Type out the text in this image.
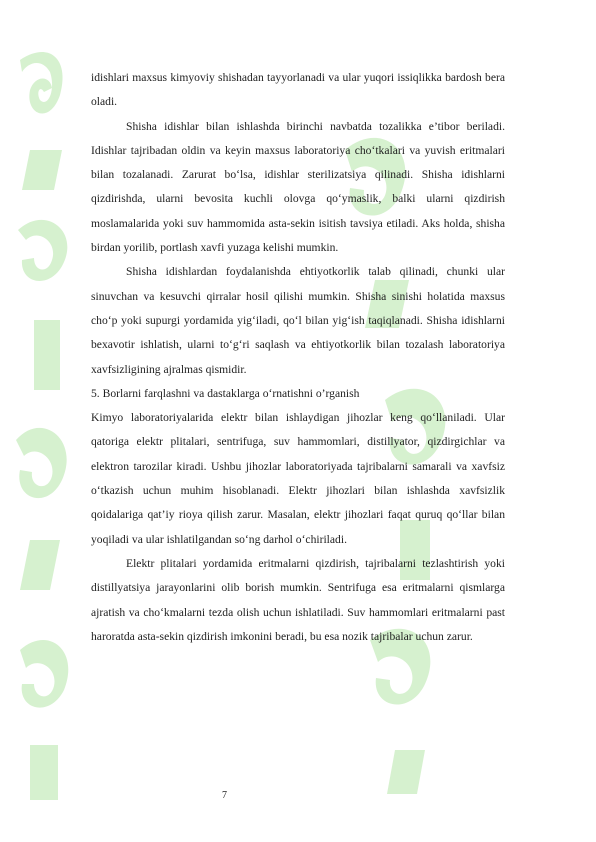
idishlari maxsus kimyoviy shishadan tayyorlanadi va ular yuqori issiqlikka bardosh bera oladi.

Shisha idishlar bilan ishlashda birinchi navbatda tozalikka e’tibor beriladi. Idishlar tajribadan oldin va keyin maxsus laboratoriya cho‘tkalari va yuvish eritmalari bilan tozalanadi. Zarurat bo‘lsa, idishlar sterilizatsiya qilinadi. Shisha idishlarni qizdirishda, ularni bevosita kuchli olovga qo‘ymaslik, balki ularni qizdirish moslamalarida yoki suv hammomida asta-sekin isitish tavsiya etiladi. Aks holda, shisha birdan yorilib, portlash xavfi yuzaga kelishi mumkin.

Shisha idishlardan foydalanishda ehtiyotkorlik talab qilinadi, chunki ular sinuvchan va kesuvchi qirralar hosil qilishi mumkin. Shisha sinishi holatida maxsus cho‘p yoki supurgi yordamida yig‘iladi, qo‘l bilan yig‘ish taqiqlanadi. Shisha idishlarni bexavotir ishlatish, ularni to‘g‘ri saqlash va ehtiyotkorlik bilan tozalash laboratoriya xavfsizligining ajralmas qismidir.

5. Borlarni farqlashni va dastaklarga o‘rnatishni o’rganish

Kimyo laboratoriyalarida elektr bilan ishlaydigan jihozlar keng qo‘llaniladi. Ular qatoriga elektr plitalari, sentrifuga, suv hammomlari, distillyator, qizdirgichlar va elektron tarozilar kiradi. Ushbu jihozlar laboratoriyada tajribalarni samarali va xavfsiz o‘tkazish uchun muhim hisoblanadi. Elektr jihozlari bilan ishlashda xavfsizlik qoidalariga qat’iy rioya qilish zarur. Masalan, elektr jihozlari faqat quruq qo‘llar bilan yoqiladi va ular ishlatilgandan so‘ng darhol o‘chiriladi.

Elektr plitalari yordamida eritmalarni qizdirish, tajribalarni tezlashtirish yoki distillyatsiya jarayonlarini olib borish mumkin. Sentrifuga esa eritmalarni qismlarga ajratish va cho‘kmalarni tezda olish uchun ishlatiladi. Suv hammomlari eritmalarni past haroratda asta-sekin qizdirish imkonini beradi, bu esa nozik tajribalar uchun zarur.

7
